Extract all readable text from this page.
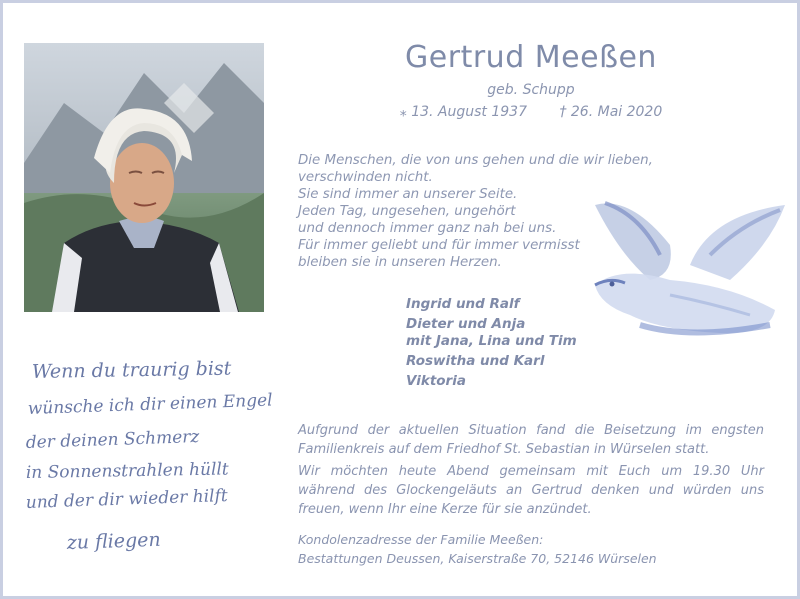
Gertrud Meeßen
geb. Schupp
⁎ 13. August 1937 † 26. Mai 2020
Die Menschen, die von uns gehen und die wir lieben,
verschwinden nicht.
Sie sind immer an unserer Seite.
Jeden Tag, ungesehen, ungehört
und dennoch immer ganz nah bei uns.
Für immer geliebt und für immer vermisst
bleiben sie in unseren Herzen.
Ingrid und Ralf
Dieter und Anja
mit Jana, Lina und Tim
Roswitha und Karl
Viktoria
Wenn du traurig bist
wünsche ich dir einen Engel
der deinen Schmerz
in Sonnenstrahlen hüllt
und der dir wieder hilft
zu fliegen

Aufgrund der aktuellen Situation fand die Beisetzung im engsten Familienkreis auf dem Friedhof St. Sebastian in Würselen statt.

Wir möchten heute Abend gemeinsam mit Euch um 19.30 Uhr während des Glockengeläuts an Gertrud denken und würden uns freuen, wenn Ihr eine Kerze für sie anzündet.

Kondolenzadresse der Familie Meeßen:
Bestattungen Deussen, Kaiserstraße 70, 52146 Würselen
